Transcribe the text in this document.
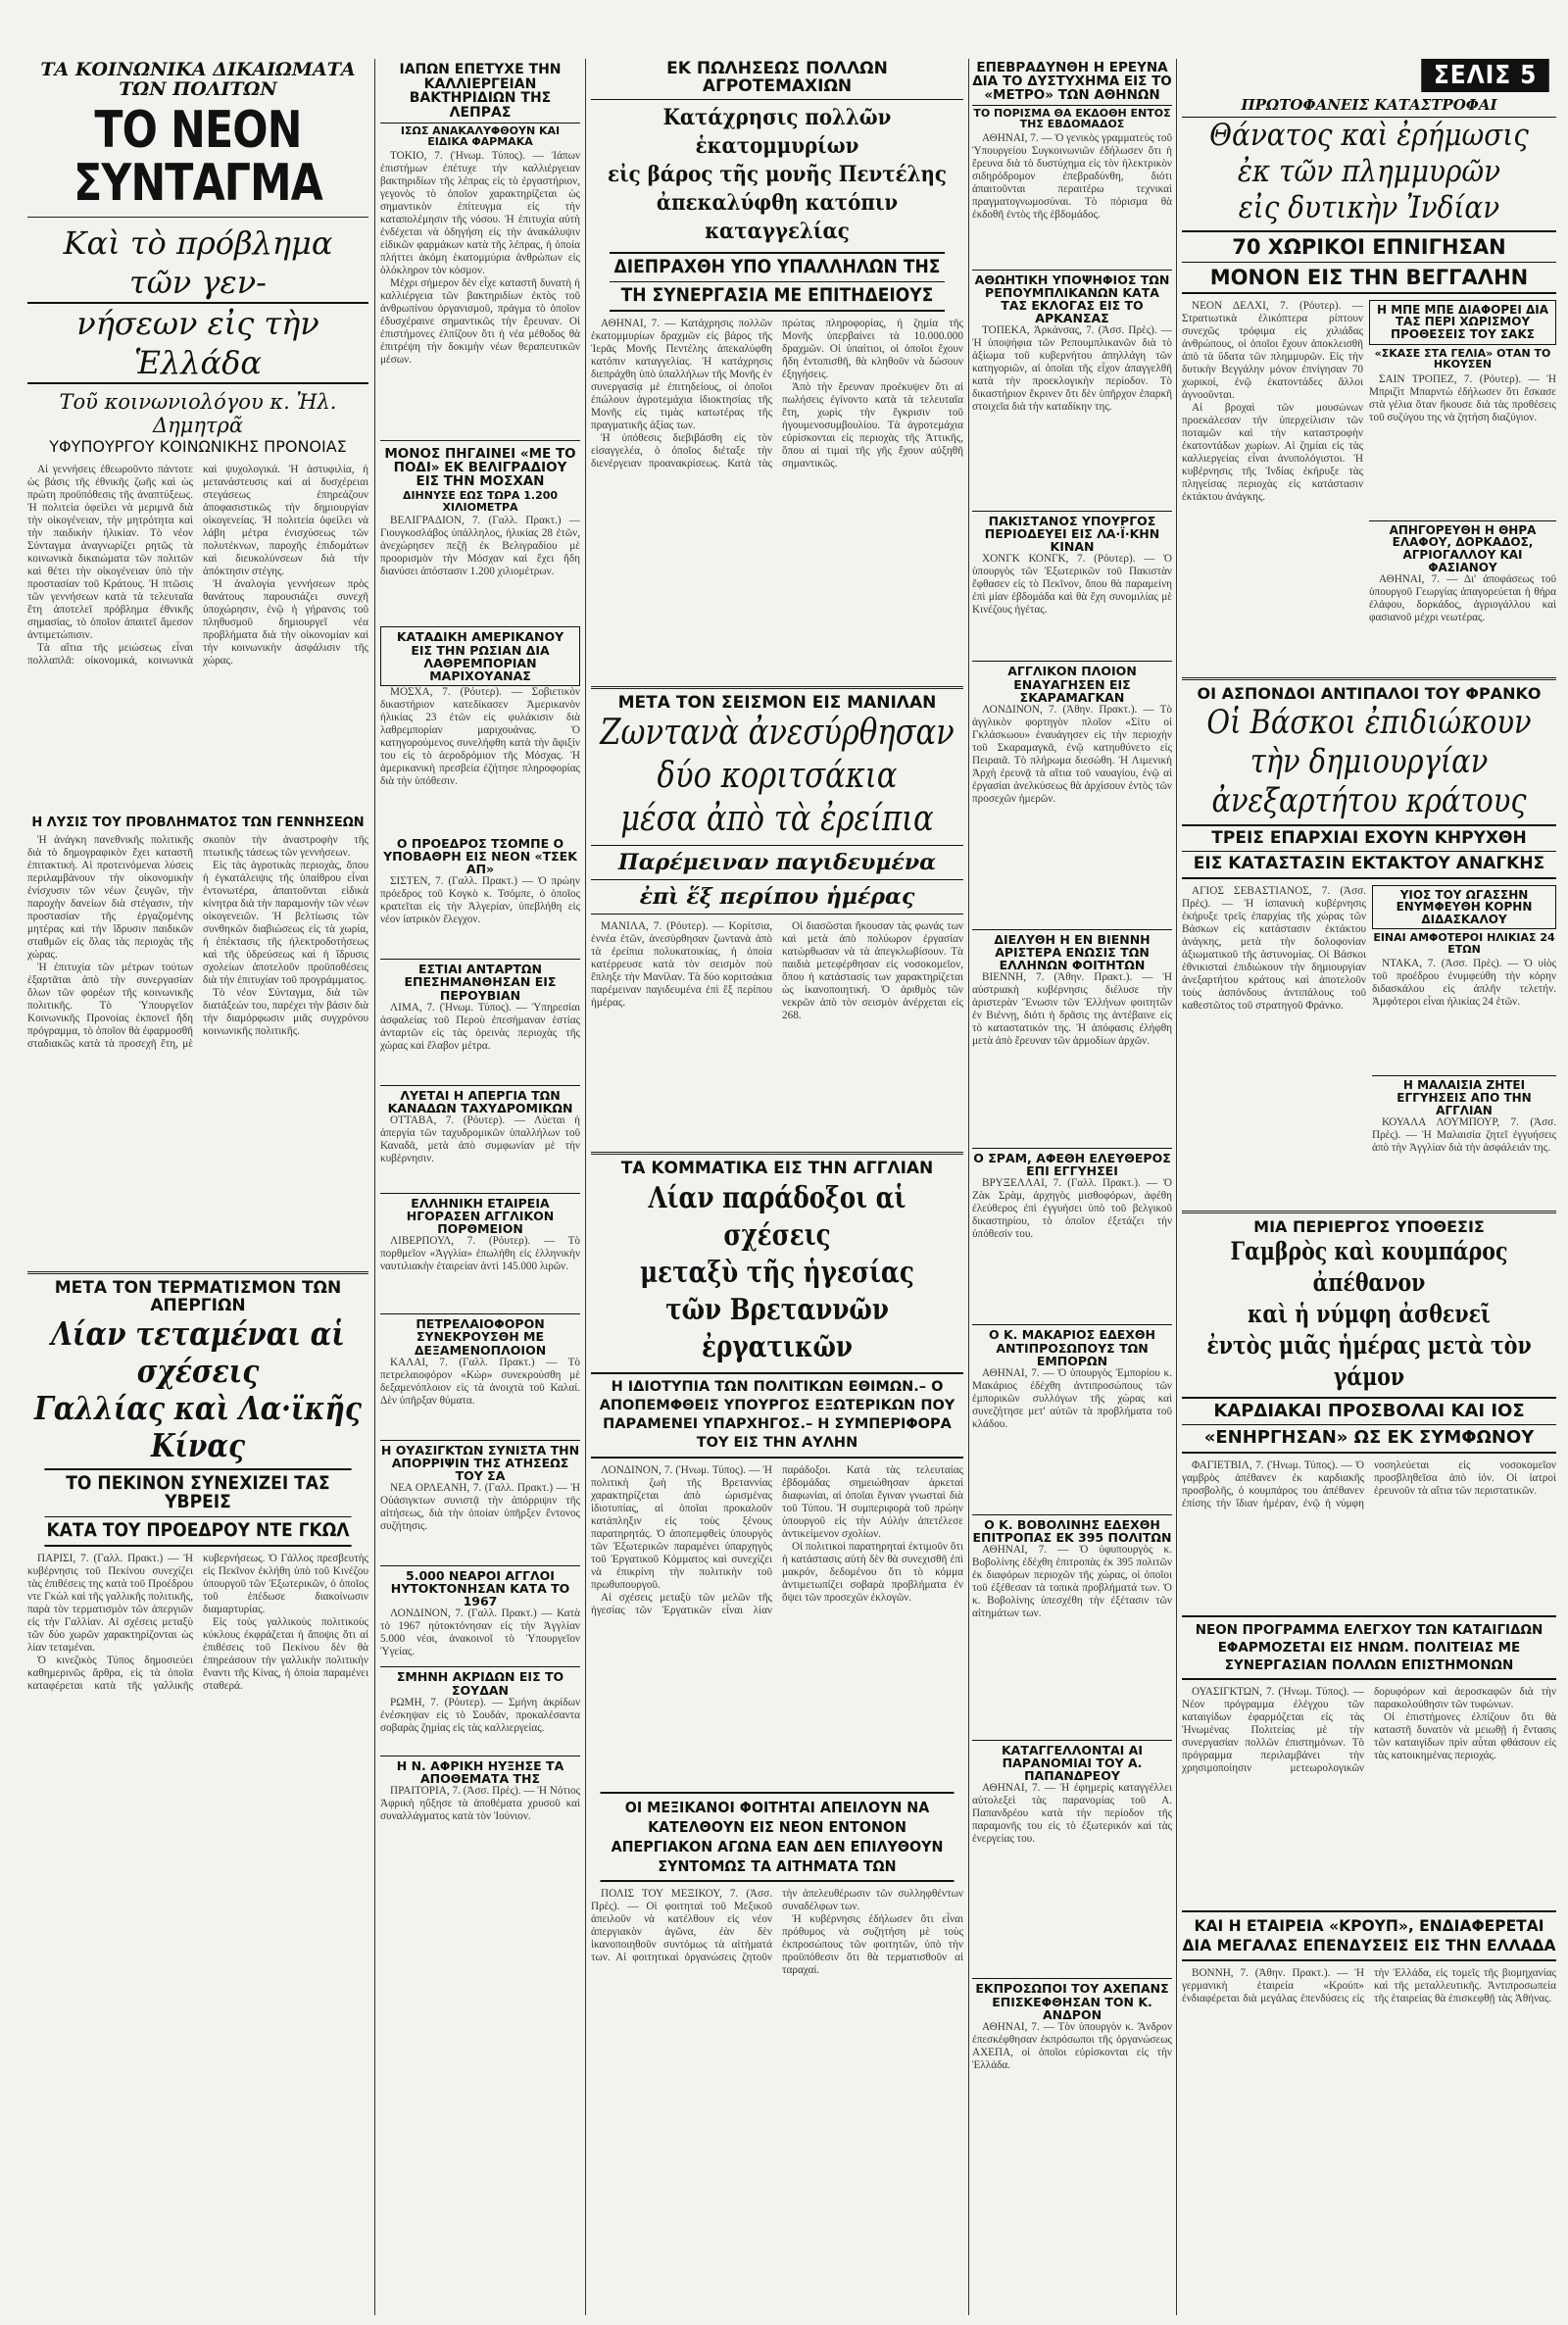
ΤΑ ΚΟΙΝΩΝΙΚΑ ΔΙΚΑΙΩΜΑΤΑ ΤΩΝ ΠΟΛΙΤΩΝ
ΤΟ ΝΕΟΝ ΣΥΝΤΑΓΜΑ
Καὶ τὸ πρόβλημα τῶν γεν-
νήσεων εἰς τὴν Ἑλλάδα
Τοῦ κοινωνιολόγου κ. Ἠλ. Δημητρᾶ
ΥΦΥΠΟΥΡΓΟΥ ΚΟΙΝΩΝΙΚΗΣ ΠΡΟΝΟΙΑΣ

Αἱ γεννήσεις ἐθεωροῦντο πάντοτε ὡς βάσις τῆς ἐθνικῆς ζωῆς καὶ ὡς πρώτη προϋπόθεσις τῆς ἀναπτύξεως. Ἡ πολιτεία ὀφείλει νὰ μεριμνᾶ διὰ τὴν οἰκογένειαν, τὴν μητρότητα καὶ τὴν παιδικὴν ἡλικίαν. Τὸ νέον Σύνταγμα ἀναγνωρίζει ρητῶς τὰ κοινωνικὰ δικαιώματα τῶν πολιτῶν καὶ θέτει τὴν οἰκογένειαν ὑπὸ τὴν προστασίαν τοῦ Κράτους. Ἡ πτῶσις τῶν γεννήσεων κατὰ τὰ τελευταῖα ἔτη ἀποτελεῖ πρόβλημα ἐθνικῆς σημασίας, τὸ ὁποῖον ἀπαιτεῖ ἄμεσον ἀντιμετώπισιν.

Τὰ αἴτια τῆς μειώσεως εἶναι πολλαπλᾶ: οἰκονομικά, κοινωνικὰ καὶ ψυχολογικά. Ἡ ἀστυφιλία, ἡ μετανάστευσις καὶ αἱ δυσχέρειαι στεγάσεως ἐπηρεάζουν ἀποφασιστικῶς τὴν δημιουργίαν οἰκογενείας. Ἡ πολιτεία ὀφείλει νὰ λάβη μέτρα ἐνισχύσεως τῶν πολυτέκνων, παροχῆς ἐπιδομάτων καὶ διευκολύνσεων διὰ τὴν ἀπόκτησιν στέγης.

Ἡ ἀναλογία γεννήσεων πρὸς θανάτους παρουσιάζει συνεχῆ ὑποχώρησιν, ἐνῷ ἡ γήρανσις τοῦ πληθυσμοῦ δημιουργεῖ νέα προβλήματα διὰ τὴν οἰκονομίαν καὶ τὴν κοινωνικὴν ἀσφάλισιν τῆς χώρας.

Η ΛΥΣΙΣ ΤΟΥ ΠΡΟΒΛΗΜΑΤΟΣ ΤΩΝ ΓΕΝΝΗΣΕΩΝ

Ἡ ἀνάγκη πανεθνικῆς πολιτικῆς διὰ τὸ δημογραφικὸν ἔχει καταστῆ ἐπιτακτική. Αἱ προτεινόμεναι λύσεις περιλαμβάνουν τὴν οἰκονομικὴν ἐνίσχυσιν τῶν νέων ζευγῶν, τὴν παροχὴν δανείων διὰ στέγασιν, τὴν προστασίαν τῆς ἐργαζομένης μητέρας καὶ τὴν ἵδρυσιν παιδικῶν σταθμῶν εἰς ὅλας τὰς περιοχὰς τῆς χώρας.

Ἡ ἐπιτυχία τῶν μέτρων τούτων ἐξαρτᾶται ἀπὸ τὴν συνεργασίαν ὅλων τῶν φορέων τῆς κοινωνικῆς πολιτικῆς. Τὸ Ὑπουργεῖον Κοινωνικῆς Προνοίας ἐκπονεῖ ἤδη πρόγραμμα, τὸ ὁποῖον θὰ ἐφαρμοσθῆ σταδιακῶς κατὰ τὰ προσεχῆ ἔτη, μὲ σκοπὸν τὴν ἀναστροφὴν τῆς πτωτικῆς τάσεως τῶν γεννήσεων.

Εἰς τὰς ἀγροτικὰς περιοχάς, ὅπου ἡ ἐγκατάλειψις τῆς ὑπαίθρου εἶναι ἐντονωτέρα, ἀπαιτοῦνται εἰδικὰ κίνητρα διὰ τὴν παραμονὴν τῶν νέων οἰκογενειῶν. Ἡ βελτίωσις τῶν συνθηκῶν διαβιώσεως εἰς τὰ χωρία, ἡ ἐπέκτασις τῆς ἠλεκτροδοτήσεως καὶ τῆς ὑδρεύσεως καὶ ἡ ἵδρυσις σχολείων ἀποτελοῦν προϋποθέσεις διὰ τὴν ἐπιτυχίαν τοῦ προγράμματος.

Τὸ νέον Σύνταγμα, διὰ τῶν διατάξεών του, παρέχει τὴν βάσιν διὰ τὴν διαμόρφωσιν μιᾶς συγχρόνου κοινωνικῆς πολιτικῆς.

ΜΕΤΑ ΤΟΝ ΤΕΡΜΑΤΙΣΜΟΝ ΤΩΝ ΑΠΕΡΓΙΩΝ
Λίαν τεταμέναι αἱ σχέσεις
Γαλλίας καὶ Λα·ϊκῆς Κίνας
ΤΟ ΠΕΚΙΝΟΝ ΣΥΝΕΧΙΖΕΙ ΤΑΣ ΥΒΡΕΙΣ
ΚΑΤΑ ΤΟΥ ΠΡΟΕΔΡΟΥ ΝΤΕ ΓΚΩΛ

ΠΑΡΙΣΙ, 7. (Γαλλ. Πρακτ.) — Ἡ κυβέρνησις τοῦ Πεκίνου συνεχίζει τὰς ἐπιθέσεις της κατὰ τοῦ Προέδρου ντε Γκὼλ καὶ τῆς γαλλικῆς πολιτικῆς, παρὰ τὸν τερματισμὸν τῶν ἀπεργιῶν εἰς τὴν Γαλλίαν. Αἱ σχέσεις μεταξὺ τῶν δύο χωρῶν χαρακτηρίζονται ὡς λίαν τεταμέναι.

Ὁ κινεζικὸς Τύπος δημοσιεύει καθημερινῶς ἄρθρα, εἰς τὰ ὁποῖα καταφέρεται κατὰ τῆς γαλλικῆς κυβερνήσεως. Ὁ Γάλλος πρεσβευτὴς εἰς Πεκῖνον ἐκλήθη ὑπὸ τοῦ Κινέζου ὑπουργοῦ τῶν Ἐξωτερικῶν, ὁ ὁποῖος τοῦ ἐπέδωσε διακοίνωσιν διαμαρτυρίας.

Εἰς τοὺς γαλλικοὺς πολιτικοὺς κύκλους ἐκφράζεται ἡ ἄποψις ὅτι αἱ ἐπιθέσεις τοῦ Πεκίνου δὲν θὰ ἐπηρεάσουν τὴν γαλλικὴν πολιτικὴν ἔναντι τῆς Κίνας, ἡ ὁποία παραμένει σταθερά.

ΙΑΠΩΝ ΕΠΕΤΥΧΕ ΤΗΝ ΚΑΛΛΙΕΡΓΕΙΑΝ ΒΑΚΤΗΡΙΔΙΩΝ ΤΗΣ ΛΕΠΡΑΣ
ΙΣΩΣ ΑΝΑΚΑΛΥΦΘΟΥΝ ΚΑΙ ΕΙΔΙΚΑ ΦΑΡΜΑΚΑ

ΤΟΚΙΟ, 7. (Ἡνωμ. Τύπος). — Ἰάπων ἐπιστήμων ἐπέτυχε τὴν καλλιέργειαν βακτηριδίων τῆς λέπρας εἰς τὸ ἐργαστήριον, γεγονὸς τὸ ὁποῖον χαρακτηρίζεται ὡς σημαντικὸν ἐπίτευγμα εἰς τὴν καταπολέμησιν τῆς νόσου. Ἡ ἐπιτυχία αὐτὴ ἐνδέχεται νὰ ὁδηγήση εἰς τὴν ἀνακάλυψιν εἰδικῶν φαρμάκων κατὰ τῆς λέπρας, ἡ ὁποία πλήττει ἀκόμη ἑκατομμύρια ἀνθρώπων εἰς ὁλόκληρον τὸν κόσμον.

Μέχρι σήμερον δὲν εἶχε καταστῆ δυνατὴ ἡ καλλιέργεια τῶν βακτηριδίων ἐκτὸς τοῦ ἀνθρωπίνου ὀργανισμοῦ, πράγμα τὸ ὁποῖον ἐδυσχέραινε σημαντικῶς τὴν ἔρευναν. Οἱ ἐπιστήμονες ἐλπίζουν ὅτι ἡ νέα μέθοδος θὰ ἐπιτρέψη τὴν δοκιμὴν νέων θεραπευτικῶν μέσων.

ΜΟΝΟΣ ΠΗΓΑΙΝΕΙ «ΜΕ ΤΟ ΠΟΔΙ» ΕΚ ΒΕΛΙΓΡΑΔΙΟΥ ΕΙΣ ΤΗΝ ΜΟΣΧΑΝ
ΔΙΗΝΥΣΕ ΕΩΣ ΤΩΡΑ 1.200 ΧΙΛΙΟΜΕΤΡΑ

ΒΕΛΙΓΡΑΔΙΟΝ, 7. (Γαλλ. Πρακτ.) — Γιουγκοσλάβος ὑπάλληλος, ἡλικίας 28 ἐτῶν, ἀνεχώρησεν πεζῇ ἐκ Βελιγραδίου μὲ προορισμὸν τὴν Μόσχαν καὶ ἔχει ἤδη διανύσει ἀπόστασιν 1.200 χιλιομέτρων.

ΚΑΤΑΔΙΚΗ ΑΜΕΡΙΚΑΝΟΥ ΕΙΣ ΤΗΝ ΡΩΣΙΑΝ ΔΙΑ ΛΑΘΡΕΜΠΟΡΙΑΝ ΜΑΡΙΧΟΥΑΝΑΣ

ΜΟΣΧΑ, 7. (Ρόυτερ). — Σοβιετικὸν δικαστήριον κατεδίκασεν Ἀμερικανὸν ἡλικίας 23 ἐτῶν εἰς φυλάκισιν διὰ λαθρεμπορίαν μαριχουάνας. Ὁ κατηγορούμενος συνελήφθη κατὰ τὴν ἄφιξίν του εἰς τὸ ἀεροδρόμιον τῆς Μόσχας. Ἡ ἀμερικανικὴ πρεσβεία ἐζήτησε πληροφορίας διὰ τὴν ὑπόθεσιν.

Ο ΠΡΟΕΔΡΟΣ ΤΣΟΜΠΕ Ο ΥΠΟΒΑΘΡΗ ΕΙΣ ΝΕΟΝ «ΤΣΕΚ ΑΠ»

ΣΙΣΤΕΝ, 7. (Γαλλ. Πρακτ.) — Ὁ πρώην πρόεδρος τοῦ Κογκὸ κ. Τσόμπε, ὁ ὁποῖος κρατεῖται εἰς τὴν Ἀλγερίαν, ὑπεβλήθη εἰς νέον ἰατρικὸν ἔλεγχον.

ΕΣΤΙΑΙ ΑΝΤΑΡΤΩΝ ΕΠΕΣΗΜΑΝΘΗΣΑΝ ΕΙΣ ΠΕΡΟΥΒΙΑΝ

ΛΙΜΑ, 7. (Ἡνωμ. Τύπος). — Ὑπηρεσίαι ἀσφαλείας τοῦ Περοὺ ἐπεσήμαναν ἑστίας ἀνταρτῶν εἰς τὰς ὀρεινὰς περιοχὰς τῆς χώρας καὶ ἔλαβον μέτρα.

ΛΥΕΤΑΙ Η ΑΠΕΡΓΙΑ ΤΩΝ ΚΑΝΑΔΩΝ ΤΑΧΥΔΡΟΜΙΚΩΝ

ΟΤΤΑΒΑ, 7. (Ρόυτερ). — Λύεται ἡ ἀπεργία τῶν ταχυδρομικῶν ὑπαλλήλων τοῦ Καναδᾶ, μετὰ ἀπὸ συμφωνίαν μὲ τὴν κυβέρνησιν.

ΕΛΛΗΝΙΚΗ ΕΤΑΙΡΕΙΑ ΗΓΟΡΑΣΕΝ ΑΓΓΛΙΚΟΝ ΠΟΡΘΜΕΙΟΝ

ΛΙΒΕΡΠΟΥΛ, 7. (Ρόυτερ). — Τὸ πορθμεῖον «Ἀγγλία» ἐπωλήθη εἰς ἑλληνικὴν ναυτιλιακὴν ἑταιρείαν ἀντὶ 145.000 λιρῶν.

ΠΕΤΡΕΛΑΙΟΦΟΡΟΝ ΣΥΝΕΚΡΟΥΣΘΗ ΜΕ ΔΕΞΑΜΕΝΟΠΛΟΙΟΝ

ΚΑΛΑΙ, 7. (Γαλλ. Πρακτ.) — Τὸ πετρελαιοφόρον «Κὼρ» συνεκρούσθη μὲ δεξαμενόπλοιον εἰς τὰ ἀνοιχτὰ τοῦ Καλαί. Δὲν ὑπῆρξαν θύματα.

Η ΟΥΑΣΙΓΚΤΩΝ ΣΥΝΙΣΤΑ ΤΗΝ ΑΠΟΡΡΙΨΙΝ ΤΗΣ ΑΤΗΣΕΩΣ ΤΟΥ ΣΑ

ΝΕΑ ΟΡΛΕΑΝΗ, 7. (Γαλλ. Πρακτ.) — Ἡ Οὐάσιγκτων συνιστᾷ τὴν ἀπόρριψιν τῆς αἰτήσεως, διὰ τὴν ὁποίαν ὑπῆρξεν ἔντονος συζήτησις.

5.000 ΝΕΑΡΟΙ ΑΓΓΛΟΙ ΗΥΤΟΚΤΟΝΗΣΑΝ ΚΑΤΑ ΤΟ 1967

ΛΟΝΔΙΝΟΝ, 7. (Γαλλ. Πρακτ.) — Κατὰ τὸ 1967 ηὐτοκτόνησαν εἰς τὴν Ἀγγλίαν 5.000 νέοι, ἀνακοινοῖ τὸ Ὑπουργεῖον Ὑγείας.

ΣΜΗΝΗ ΑΚΡΙΔΩΝ ΕΙΣ ΤΟ ΣΟΥΔΑΝ

ΡΩΜΗ, 7. (Ρόυτερ). — Σμήνη ἀκρίδων ἐνέσκηψαν εἰς τὸ Σουδάν, προκαλέσαντα σοβαρὰς ζημίας εἰς τὰς καλλιεργείας.

Η Ν. ΑΦΡΙΚΗ ΗΥΞΗΣΕ ΤΑ ΑΠΟΘΕΜΑΤΑ ΤΗΣ

ΠΡΑΙΤΟΡΙΑ, 7. (Ἀσσ. Πρὲς). — Ἡ Νότιος Ἀφρικὴ ηὔξησε τὰ ἀποθέματα χρυσοῦ καὶ συναλλάγματος κατὰ τὸν Ἰούνιον.

ΕΚ ΠΩΛΗΣΕΩΣ ΠΟΛΛΩΝ ΑΓΡΟΤΕΜΑΧΙΩΝ
Κατάχρησις πολλῶν ἑκατομμυρίων
εἰς βάρος τῆς μονῆς Πεντέλης
ἀπεκαλύφθη κατόπιν καταγγελίας
ΔΙΕΠΡΑΧΘΗ ΥΠΟ ΥΠΑΛΛΗΛΩΝ ΤΗΣ
ΤΗ ΣΥΝΕΡΓΑΣΙΑ ΜΕ ΕΠΙΤΗΔΕΙΟΥΣ

ΑΘΗΝΑΙ, 7. — Κατάχρησις πολλῶν ἑκατομμυρίων δραχμῶν εἰς βάρος τῆς Ἱερᾶς Μονῆς Πεντέλης ἀπεκαλύφθη κατόπιν καταγγελίας. Ἡ κατάχρησις διεπράχθη ὑπὸ ὑπαλλήλων τῆς Μονῆς ἐν συνεργασίᾳ μὲ ἐπιτηδείους, οἱ ὁποῖοι ἐπώλουν ἀγροτεμάχια ἰδιοκτησίας τῆς Μονῆς εἰς τιμὰς κατωτέρας τῆς πραγματικῆς ἀξίας των.

Ἡ ὑπόθεσις διεβιβάσθη εἰς τὸν εἰσαγγελέα, ὁ ὁποῖος διέταξε τὴν διενέργειαν προανακρίσεως. Κατὰ τὰς πρώτας πληροφορίας, ἡ ζημία τῆς Μονῆς ὑπερβαίνει τὰ 10.000.000 δραχμῶν. Οἱ ὑπαίτιοι, οἱ ὁποῖοι ἔχουν ἤδη ἐντοπισθῆ, θὰ κληθοῦν νὰ δώσουν ἐξηγήσεις.

Ἀπὸ τὴν ἔρευναν προέκυψεν ὅτι αἱ πωλήσεις ἐγίνοντο κατὰ τὰ τελευταῖα ἔτη, χωρὶς τὴν ἔγκρισιν τοῦ ἡγουμενοσυμβουλίου. Τὰ ἀγροτεμάχια εὑρίσκονται εἰς περιοχὰς τῆς Ἀττικῆς, ὅπου αἱ τιμαὶ τῆς γῆς ἔχουν αὐξηθῆ σημαντικῶς.

ΜΕΤΑ ΤΟΝ ΣΕΙΣΜΟΝ ΕΙΣ ΜΑΝΙΛΑΝ
Ζωντανὰ ἀνεσύρθησαν
δύο κοριτσάκια
μέσα ἀπὸ τὰ ἐρείπια
Παρέμειναν παγιδευμένα
ἐπὶ ἕξ περίπου ἡμέρας

ΜΑΝΙΛΑ, 7. (Ρόυτερ). — Κορίτσια, ἐννέα ἐτῶν, ἀνεσύρθησαν ζωντανὰ ἀπὸ τὰ ἐρείπια πολυκατοικίας, ἡ ὁποία κατέρρευσε κατὰ τὸν σεισμὸν ποὺ ἔπληξε τὴν Μανίλαν. Τὰ δύο κοριτσάκια παρέμειναν παγιδευμένα ἐπὶ ἓξ περίπου ἡμέρας.

Οἱ διασῶσται ἤκουσαν τὰς φωνάς των καὶ μετὰ ἀπὸ πολύωρον ἐργασίαν κατώρθωσαν νὰ τὰ ἀπεγκλωβίσουν. Τὰ παιδιὰ μετεφέρθησαν εἰς νοσοκομεῖον, ὅπου ἡ κατάστασίς των χαρακτηρίζεται ὡς ἱκανοποιητική. Ὁ ἀριθμὸς τῶν νεκρῶν ἀπὸ τὸν σεισμὸν ἀνέρχεται εἰς 268.

ΤΑ ΚΟΜΜΑΤΙΚΑ ΕΙΣ ΤΗΝ ΑΓΓΛΙΑΝ
Λίαν παράδοξοι αἱ σχέσεις
μεταξὺ τῆς ἡγεσίας
τῶν Βρεταννῶν ἐργατικῶν
Η ΙΔΙΟΤΥΠΙΑ ΤΩΝ ΠΟΛΙΤΙΚΩΝ ΕΘΙΜΩΝ.– Ο ΑΠΟΠΕΜΦΘΕΙΣ ΥΠΟΥΡΓΟΣ ΕΞΩΤΕΡΙΚΩΝ ΠΟΥ ΠΑΡΑΜΕΝΕΙ ΥΠΑΡΧΗΓΟΣ.– Η ΣΥΜΠΕΡΙΦΟΡΑ ΤΟΥ ΕΙΣ ΤΗΝ ΑΥΛΗΝ

ΛΟΝΔΙΝΟΝ, 7. (Ἡνωμ. Τύπος). — Ἡ πολιτικὴ ζωὴ τῆς Βρεταννίας χαρακτηρίζεται ἀπὸ ὡρισμένας ἰδιοτυπίας, αἱ ὁποῖαι προκαλοῦν κατάπληξιν εἰς τοὺς ξένους παρατηρητάς. Ὁ ἀποπεμφθεὶς ὑπουργὸς τῶν Ἐξωτερικῶν παραμένει ὑπαρχηγὸς τοῦ Ἐργατικοῦ Κόμματος καὶ συνεχίζει νὰ ἐπικρίνη τὴν πολιτικὴν τοῦ πρωθυπουργοῦ.

Αἱ σχέσεις μεταξὺ τῶν μελῶν τῆς ἡγεσίας τῶν Ἐργατικῶν εἶναι λίαν παράδοξοι. Κατὰ τὰς τελευταίας ἑβδομάδας σημειώθησαν ἀρκεταὶ διαφωνίαι, αἱ ὁποῖαι ἔγιναν γνωσταὶ διὰ τοῦ Τύπου. Ἡ συμπεριφορὰ τοῦ πρώην ὑπουργοῦ εἰς τὴν Αὐλὴν ἀπετέλεσε ἀντικείμενον σχολίων.

Οἱ πολιτικοὶ παρατηρηταὶ ἐκτιμοῦν ὅτι ἡ κατάστασις αὐτὴ δὲν θὰ συνεχισθῆ ἐπὶ μακρόν, δεδομένου ὅτι τὸ κόμμα ἀντιμετωπίζει σοβαρὰ προβλήματα ἐν ὄψει τῶν προσεχῶν ἐκλογῶν.

ΟΙ ΜΕΞΙΚΑΝΟΙ ΦΟΙΤΗΤΑΙ ΑΠΕΙΛΟΥΝ ΝΑ ΚΑΤΕΛΘΟΥΝ ΕΙΣ ΝΕΟΝ ΕΝΤΟΝΟΝ ΑΠΕΡΓΙΑΚΟΝ ΑΓΩΝΑ ΕΑΝ ΔΕΝ ΕΠΙΛΥΘΟΥΝ ΣΥΝΤΟΜΩΣ ΤΑ ΑΙΤΗΜΑΤΑ ΤΩΝ

ΠΟΛΙΣ ΤΟΥ ΜΕΞΙΚΟΥ, 7. (Ἀσσ. Πρὲς). — Οἱ φοιτηταὶ τοῦ Μεξικοῦ ἀπειλοῦν νὰ κατέλθουν εἰς νέον ἀπεργιακὸν ἀγῶνα, ἐὰν δὲν ἱκανοποιηθοῦν συντόμως τὰ αἰτήματά των. Αἱ φοιτητικαὶ ὀργανώσεις ζητοῦν τὴν ἀπελευθέρωσιν τῶν συλληφθέντων συναδέλφων των.

Ἡ κυβέρνησις ἐδήλωσεν ὅτι εἶναι πρόθυμος νὰ συζητήση μὲ τοὺς ἐκπροσώπους τῶν φοιτητῶν, ὑπὸ τὴν προϋπόθεσιν ὅτι θὰ τερματισθοῦν αἱ ταραχαί.

ΕΠΕΒΡΑΔΥΝΘΗ Η ΕΡΕΥΝΑ ΔΙΑ ΤΟ ΔΥΣΤΥΧΗΜΑ ΕΙΣ ΤΟ «ΜΕΤΡΟ» ΤΩΝ ΑΘΗΝΩΝ
ΤΟ ΠΟΡΙΣΜΑ ΘΑ ΕΚΔΟΘΗ ΕΝΤΟΣ ΤΗΣ ΕΒΔΟΜΑΔΟΣ

ΑΘΗΝΑΙ, 7. — Ὁ γενικὸς γραμματεὺς τοῦ Ὑπουργείου Συγκοινωνιῶν ἐδήλωσεν ὅτι ἡ ἔρευνα διὰ τὸ δυστύχημα εἰς τὸν ἠλεκτρικὸν σιδηρόδρομον ἐπεβραδύνθη, διότι ἀπαιτοῦνται περαιτέρω τεχνικαὶ πραγματογνωμοσύναι. Τὸ πόρισμα θὰ ἐκδοθῆ ἐντὸς τῆς ἑβδομάδος.

ΑΘΩΗΤΙΚΗ ΥΠΟΨΗΦΙΟΣ ΤΩΝ ΡΕΠΟΥΜΠΛΙΚΑΝΩΝ ΚΑΤΑ ΤΑΣ ΕΚΛΟΓΑΣ ΕΙΣ ΤΟ ΑΡΚΑΝΣΑΣ

ΤΟΠΕΚΑ, Ἀρκάνσας, 7. (Ἀσσ. Πρὲς). — Ἡ ὑποψήφια τῶν Ρεπουμπλικανῶν διὰ τὸ ἀξίωμα τοῦ κυβερνήτου ἀπηλλάγη τῶν κατηγοριῶν, αἱ ὁποῖαι τῆς εἶχον ἀπαγγελθῆ κατὰ τὴν προεκλογικὴν περίοδον. Τὸ δικαστήριον ἔκρινεν ὅτι δὲν ὑπῆρχον ἐπαρκῆ στοιχεῖα διὰ τὴν καταδίκην της.

ΠΑΚΙΣΤΑΝΟΣ ΥΠΟΥΡΓΟΣ ΠΕΡΙΟΔΕΥΕΙ ΕΙΣ ΛΑ·Ϊ·ΚΗΝ ΚΙΝΑΝ

ΧΟΝΓΚ ΚΟΝΓΚ, 7. (Ρόυτερ). — Ὁ ὑπουργὸς τῶν Ἐξωτερικῶν τοῦ Πακιστὰν ἔφθασεν εἰς τὸ Πεκῖνον, ὅπου θὰ παραμείνη ἐπὶ μίαν ἑβδομάδα καὶ θὰ ἔχη συνομιλίας μὲ Κινέζους ἡγέτας.

ΑΓΓΛΙΚΟΝ ΠΛΟΙΟΝ ΕΝΑΥΑΓΗΣΕΝ ΕΙΣ ΣΚΑΡΑΜΑΓΚΑΝ

ΛΟΝΔΙΝΟΝ, 7. (Ἀθην. Πρακτ.). — Τὸ ἀγγλικὸν φορτηγὸν πλοῖον «Σίτυ οἱ Γκλάσκωου» ἐναυάγησεν εἰς τὴν περιοχὴν τοῦ Σκαραμαγκᾶ, ἐνῷ κατηυθύνετο εἰς Πειραιᾶ. Τὸ πλήρωμα διεσώθη. Ἡ Λιμενικὴ Ἀρχὴ ἐρευνᾷ τὰ αἴτια τοῦ ναυαγίου, ἐνῷ αἱ ἐργασίαι ἀνελκύσεως θὰ ἀρχίσουν ἐντὸς τῶν προσεχῶν ἡμερῶν.

ΔΙΕΛΥΘΗ Η ΕΝ ΒΙΕΝΝΗ ΑΡΙΣΤΕΡΑ ΕΝΩΣΙΣ ΤΩΝ ΕΛΛΗΝΩΝ ΦΟΙΤΗΤΩΝ

ΒΙΕΝΝΗ, 7. (Ἀθην. Πρακτ.). — Ἡ αὐστριακὴ κυβέρνησις διέλυσε τὴν ἀριστερὰν Ἕνωσιν τῶν Ἑλλήνων φοιτητῶν ἐν Βιέννῃ, διότι ἡ δρᾶσις της ἀντέβαινε εἰς τὸ καταστατικόν της. Ἡ ἀπόφασις ἐλήφθη μετὰ ἀπὸ ἔρευναν τῶν ἀρμοδίων ἀρχῶν.

Ο ΣΡΑΜ, ΑΦΕΘΗ ΕΛΕΥΘΕΡΟΣ ΕΠΙ ΕΓΓΥΗΣΕΙ

ΒΡΥΞΕΛΛΑΙ, 7. (Γαλλ. Πρακτ.). — Ὁ Ζὰκ Σρὰμ, ἀρχηγὸς μισθοφόρων, ἀφέθη ἐλεύθερος ἐπὶ ἐγγυήσει ὑπὸ τοῦ βελγικοῦ δικαστηρίου, τὸ ὁποῖον ἐξετάζει τὴν ὑπόθεσίν του.

Ο Κ. ΜΑΚΑΡΙΟΣ ΕΔΕΧΘΗ ΑΝΤΙΠΡΟΣΩΠΟΥΣ ΤΩΝ ΕΜΠΟΡΩΝ

ΑΘΗΝΑΙ, 7. — Ὁ ὑπουργὸς Ἐμπορίου κ. Μακάριος ἐδέχθη ἀντιπροσώπους τῶν ἐμπορικῶν συλλόγων τῆς χώρας καὶ συνεζήτησε μετ' αὐτῶν τὰ προβλήματα τοῦ κλάδου.

Ο Κ. ΒΟΒΟΛΙΝΗΣ ΕΔΕΧΘΗ ΕΠΙΤΡΟΠΑΣ ΕΚ 395 ΠΟΛΙΤΩΝ

ΑΘΗΝΑΙ, 7. — Ὁ ὑφυπουργὸς κ. Βοβολίνης ἐδέχθη ἐπιτροπὰς ἐκ 395 πολιτῶν ἐκ διαφόρων περιοχῶν τῆς χώρας, οἱ ὁποῖοι τοῦ ἐξέθεσαν τὰ τοπικὰ προβλήματά των. Ὁ κ. Βοβολίνης ὑπεσχέθη τὴν ἐξέτασιν τῶν αἰτημάτων των.

ΚΑΤΑΓΓΕΛΛΟΝΤΑΙ ΑΙ ΠΑΡΑΝΟΜΙΑΙ ΤΟΥ Α. ΠΑΠΑΝΔΡΕΟΥ

ΑΘΗΝΑΙ, 7. — Ἡ ἐφημερὶς καταγγέλλει αὐτολεξεὶ τὰς παρανομίας τοῦ Α. Παπανδρέου κατὰ τὴν περίοδον τῆς παραμονῆς του εἰς τὸ ἐξωτερικόν καὶ τὰς ἐνεργείας του.

ΕΚΠΡΟΣΩΠΟΙ ΤΟΥ ΑΧΕΠΑΝΣ ΕΠΙΣΚΕΦΘΗΣΑΝ ΤΟΝ Κ. ΑΝΔΡΟΝ

ΑΘΗΝΑΙ, 7. — Τὸν ὑπουργὸν κ. Ἄνδρον ἐπεσκέφθησαν ἐκπρόσωποι τῆς ὀργανώσεως ΑΧΕΠΑ, οἱ ὁποῖοι εὑρίσκονται εἰς τὴν Ἑλλάδα.

ΣΕΛΙΣ 5
ΠΡΩΤΟΦΑΝΕΙΣ ΚΑΤΑΣΤΡΟΦΑΙ
Θάνατος καὶ ἐρήμωσις
ἐκ τῶν πλημμυρῶν
εἰς δυτικὴν Ἰνδίαν
70 ΧΩΡΙΚΟΙ ΕΠΝΙΓΗΣΑΝ
ΜΟΝΟΝ ΕΙΣ ΤΗΝ ΒΕΓΓΑΛΗΝ

ΝΕΟΝ ΔΕΛΧΙ, 7. (Ρόυτερ). — Στρατιωτικὰ ἑλικόπτερα ρίπτουν συνεχῶς τρόφιμα εἰς χιλιάδας ἀνθρώπους, οἱ ὁποῖοι ἔχουν ἀποκλεισθῆ ἀπὸ τὰ ὕδατα τῶν πλημμυρῶν. Εἰς τὴν δυτικὴν Βεγγάλην μόνον ἐπνίγησαν 70 χωρικοί, ἐνῷ ἑκατοντάδες ἄλλοι ἀγνοοῦνται.

Αἱ βροχαὶ τῶν μουσώνων προεκάλεσαν τὴν ὑπερχείλισιν τῶν ποταμῶν καὶ τὴν καταστροφὴν ἑκατοντάδων χωρίων. Αἱ ζημίαι εἰς τὰς καλλιεργείας εἶναι ἀνυπολόγιστοι. Ἡ κυβέρνησις τῆς Ἰνδίας ἐκήρυξε τὰς πληγείσας περιοχὰς εἰς κατάστασιν ἐκτάκτου ἀνάγκης.

Η ΜΠΕ ΜΠΕ ΔΙΑΦΟΡΕΙ ΔΙΑ ΤΑΣ ΠΕΡΙ ΧΩΡΙΣΜΟΥ ΠΡΟΘΕΣΕΙΣ ΤΟΥ ΣΑΚΣ
«ΣΚΑΣΕ ΣΤΑ ΓΕΛΙΑ» ΟΤΑΝ ΤΟ ΗΚΟΥΣΕΝ

ΣΑΙΝ ΤΡΟΠΕΖ, 7. (Ρόυτερ). — Ἡ Μπριζὶτ Μπαρντὼ ἐδήλωσεν ὅτι ἔσκασε στὰ γέλια ὅταν ἤκουσε διὰ τὰς προθέσεις τοῦ συζύγου της νὰ ζητήση διαζύγιον.

ΑΠΗΓΟΡΕΥΘΗ Η ΘΗΡΑ ΕΛΑΦΟΥ, ΔΟΡΚΑΔΟΣ, ΑΓΡΙΟΓΑΛΛΟΥ ΚΑΙ ΦΑΣΙΑΝΟΥ

ΑΘΗΝΑΙ, 7. — Δι' ἀποφάσεως τοῦ ὑπουργοῦ Γεωργίας ἀπαγορεύεται ἡ θήρα ἐλάφου, δορκάδος, ἀγριογάλλου καὶ φασιανοῦ μέχρι νεωτέρας.

ΟΙ ΑΣΠΟΝΔΟΙ ΑΝΤΙΠΑΛΟΙ ΤΟΥ ΦΡΑΝΚΟ
Οἱ Βάσκοι ἐπιδιώκουν
τὴν δημιουργίαν
ἀνεξαρτήτου κράτους
ΤΡΕΙΣ ΕΠΑΡΧΙΑΙ ΕΧΟΥΝ ΚΗΡΥΧΘΗ
ΕΙΣ ΚΑΤΑΣΤΑΣΙΝ ΕΚΤΑΚΤΟΥ ΑΝΑΓΚΗΣ

ΑΓΙΟΣ ΣΕΒΑΣΤΙΑΝΟΣ, 7. (Ἀσσ. Πρὲς). — Ἡ ἱσπανικὴ κυβέρνησις ἐκήρυξε τρεῖς ἐπαρχίας τῆς χώρας τῶν Βάσκων εἰς κατάστασιν ἐκτάκτου ἀνάγκης, μετὰ τὴν δολοφονίαν ἀξιωματικοῦ τῆς ἀστυνομίας. Οἱ Βάσκοι ἐθνικισταὶ ἐπιδιώκουν τὴν δημιουργίαν ἀνεξαρτήτου κράτους καὶ ἀποτελοῦν τοὺς ἀσπόνδους ἀντιπάλους τοῦ καθεστῶτος τοῦ στρατηγοῦ Φράνκο.

ΥΙΟΣ ΤΟΥ ΩΓΑΣΣΗΝ ΕΝΥΜΦΕΥΘΗ ΚΟΡΗΝ ΔΙΔΑΣΚΑΛΟΥ
ΕΙΝΑΙ ΑΜΦΟΤΕΡΟΙ ΗΛΙΚΙΑΣ 24 ΕΤΩΝ

ΝΤΑΚΑ, 7. (Ἀσσ. Πρὲς). — Ὁ υἱὸς τοῦ προέδρου ἐνυμφεύθη τὴν κόρην διδασκάλου εἰς ἁπλῆν τελετήν. Ἀμφότεροι εἶναι ἡλικίας 24 ἐτῶν.

Η ΜΑΛΑΙΣΙΑ ΖΗΤΕΙ ΕΓΓΥΗΣΕΙΣ ΑΠΟ ΤΗΝ ΑΓΓΛΙΑΝ

ΚΟΥΑΛΑ ΛΟΥΜΠΟΥΡ, 7. (Ἀσσ. Πρὲς). — Ἡ Μαλαισία ζητεῖ ἐγγυήσεις ἀπὸ τὴν Ἀγγλίαν διὰ τὴν ἀσφάλειάν της.

ΜΙΑ ΠΕΡΙΕΡΓΟΣ ΥΠΟΘΕΣΙΣ
Γαμβρὸς καὶ κουμπάρος ἀπέθανον
καὶ ἡ νύμφη ἀσθενεῖ
ἐντὸς μιᾶς ἡμέρας μετὰ τὸν γάμον
ΚΑΡΔΙΑΚΑΙ ΠΡΟΣΒΟΛΑΙ ΚΑΙ ΙΟΣ
«ΕΝΗΡΓΗΣΑΝ» ΩΣ ΕΚ ΣΥΜΦΩΝΟΥ

ΦΑΓΙΕΤΒΙΛ, 7. (Ἡνωμ. Τύπος). — Ὁ γαμβρὸς ἀπέθανεν ἐκ καρδιακῆς προσβολῆς, ὁ κουμπάρος του ἀπέθανεν ἐπίσης τὴν ἴδιαν ἡμέραν, ἐνῷ ἡ νύμφη νοσηλεύεται εἰς νοσοκομεῖον προσβληθεῖσα ἀπὸ ἰόν. Οἱ ἰατροὶ ἐρευνοῦν τὰ αἴτια τῶν περιστατικῶν.

ΝΕΟΝ ΠΡΟΓΡΑΜΜΑ ΕΛΕΓΧΟΥ ΤΩΝ ΚΑΤΑΙΓΙΔΩΝ ΕΦΑΡΜΟΖΕΤΑΙ ΕΙΣ ΗΝΩΜ. ΠΟΛΙΤΕΙΑΣ ΜΕ ΣΥΝΕΡΓΑΣΙΑΝ ΠΟΛΛΩΝ ΕΠΙΣΤΗΜΟΝΩΝ

ΟΥΑΣΙΓΚΤΩΝ, 7. (Ἡνωμ. Τύπος). — Νέον πρόγραμμα ἐλέγχου τῶν καταιγίδων ἐφαρμόζεται εἰς τὰς Ἡνωμένας Πολιτείας μὲ τὴν συνεργασίαν πολλῶν ἐπιστημόνων. Τὸ πρόγραμμα περιλαμβάνει τὴν χρησιμοποίησιν μετεωρολογικῶν δορυφόρων καὶ ἀεροσκαφῶν διὰ τὴν παρακολούθησιν τῶν τυφώνων.

Οἱ ἐπιστήμονες ἐλπίζουν ὅτι θὰ καταστῆ δυνατὸν νὰ μειωθῇ ἡ ἔντασις τῶν καταιγίδων πρὶν αὗται φθάσουν εἰς τὰς κατοικημένας περιοχάς.

ΚΑΙ Η ΕΤΑΙΡΕΙΑ «ΚΡΟΥΠ», ΕΝΔΙΑΦΕΡΕΤΑΙ ΔΙΑ ΜΕΓΑΛΑΣ ΕΠΕΝΔΥΣΕΙΣ ΕΙΣ ΤΗΝ ΕΛΛΑΔΑ

ΒΟΝΝΗ, 7. (Ἀθην. Πρακτ.). — Ἡ γερμανικὴ ἑταιρεία «Κρούπ» ἐνδιαφέρεται διὰ μεγάλας ἐπενδύσεις εἰς τὴν Ἑλλάδα, εἰς τομεῖς τῆς βιομηχανίας καὶ τῆς μεταλλευτικῆς. Ἀντιπροσωπεία τῆς ἑταιρείας θὰ ἐπισκεφθῇ τὰς Ἀθήνας.
